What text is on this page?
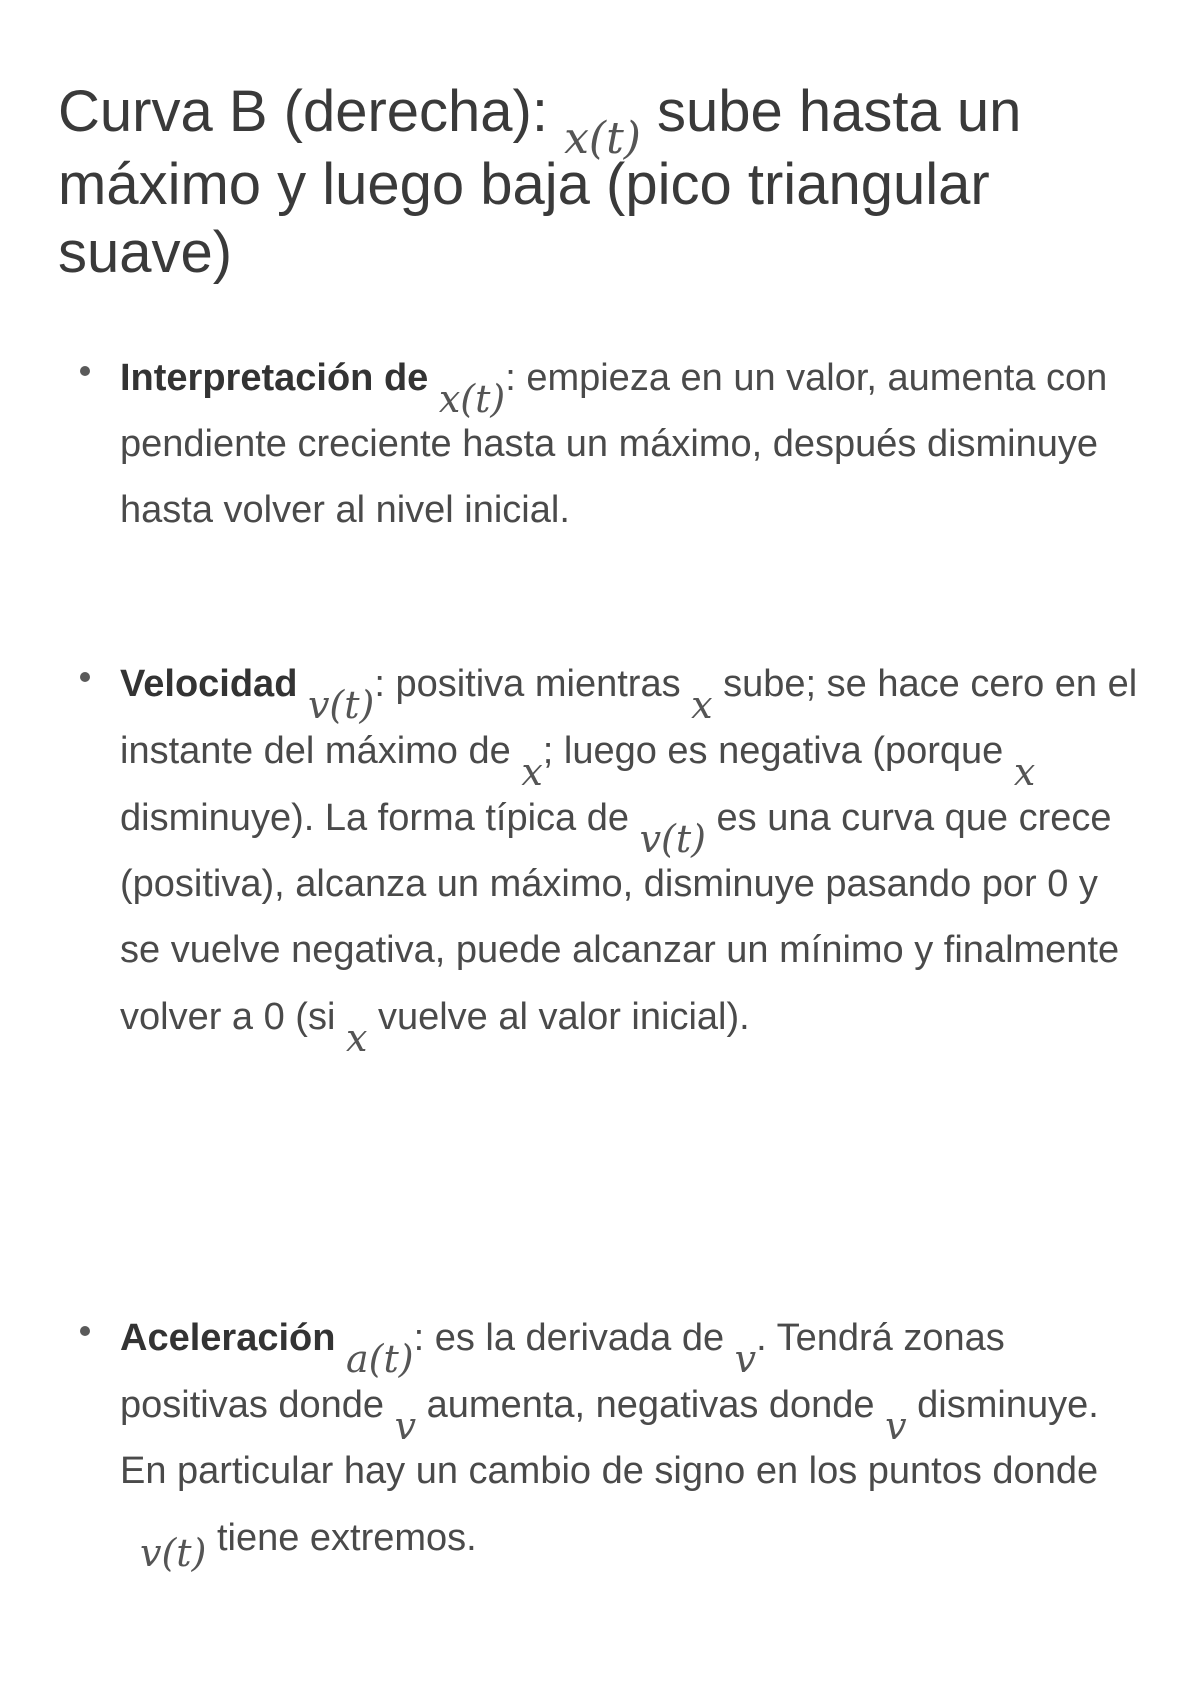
Curva B (derecha): x(t) sube hasta un máximo y luego baja (pico triangular suave)
Interpretación de x(t): empieza en un valor, aumenta con pendiente creciente hasta un máximo, después disminuye hasta volver al nivel inicial.
Velocidad v(t): positiva mientras x sube; se hace cero en el instante del máximo de x; luego es negativa (porque x disminuye). La forma típica de v(t) es una curva que crece (positiva), alcanza un máximo, disminuye pasando por 0 y se vuelve negativa, puede alcanzar un mínimo y finalmente volver a 0 (si x vuelve al valor inicial).
Aceleración a(t): es la derivada de v. Tendrá zonas positivas donde v aumenta, negativas donde v disminuye. En particular hay un cambio de signo en los puntos donde v(t) tiene extremos.
